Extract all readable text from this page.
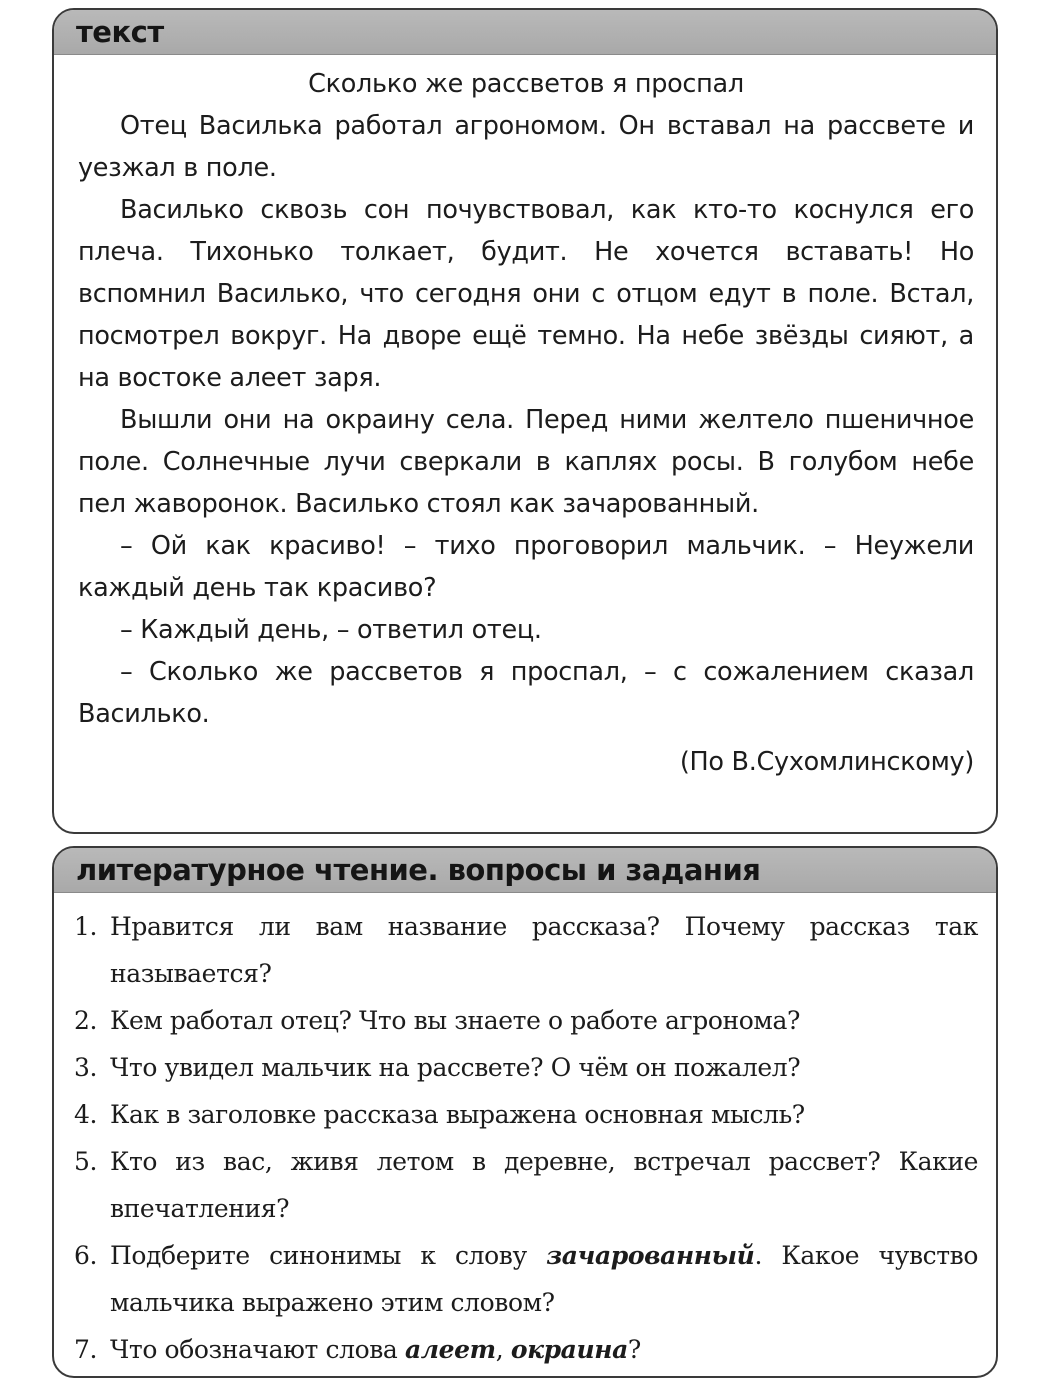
текст
Сколько же рассветов я проспал

Отец Василька работал агрономом. Он вставал на рассвете и уезжал в поле.

Василько сквозь сон почувствовал, как кто-то коснулся его плеча. Тихонько толкает, будит. Не хочется вставать! Но вспомнил Василько, что сегодня они с отцом едут в поле. Встал, посмотрел вокруг. На дворе ещё темно. На небе звёзды сияют, а на востоке алеет заря.

Вышли они на окраину села. Перед ними желтело пшеничное поле. Солнечные лучи сверкали в каплях росы. В голубом небе пел жаворонок. Василько стоял как зачарованный.

– Ой как красиво! – тихо проговорил мальчик. – Неужели каждый день так красиво?

– Каждый день, – ответил отец.

– Сколько же рассветов я проспал, – с сожалением сказал Василько.

(По В.Сухомлинскому)
литературное чтение. вопросы и задания
1. Нравится ли вам название рассказа? Почему рассказ так называется?
2. Кем работал отец? Что вы знаете о работе агронома?
3. Что увидел мальчик на рассвете? О чём он пожалел?
4. Как в заголовке рассказа выражена основная мысль?
5. Кто из вас, живя летом в деревне, встречал рассвет? Какие впечатления?
6. Подберите синонимы к слову зачарованный. Какое чувство мальчика выражено этим словом?
7. Что обозначают слова алеет, окраина?
